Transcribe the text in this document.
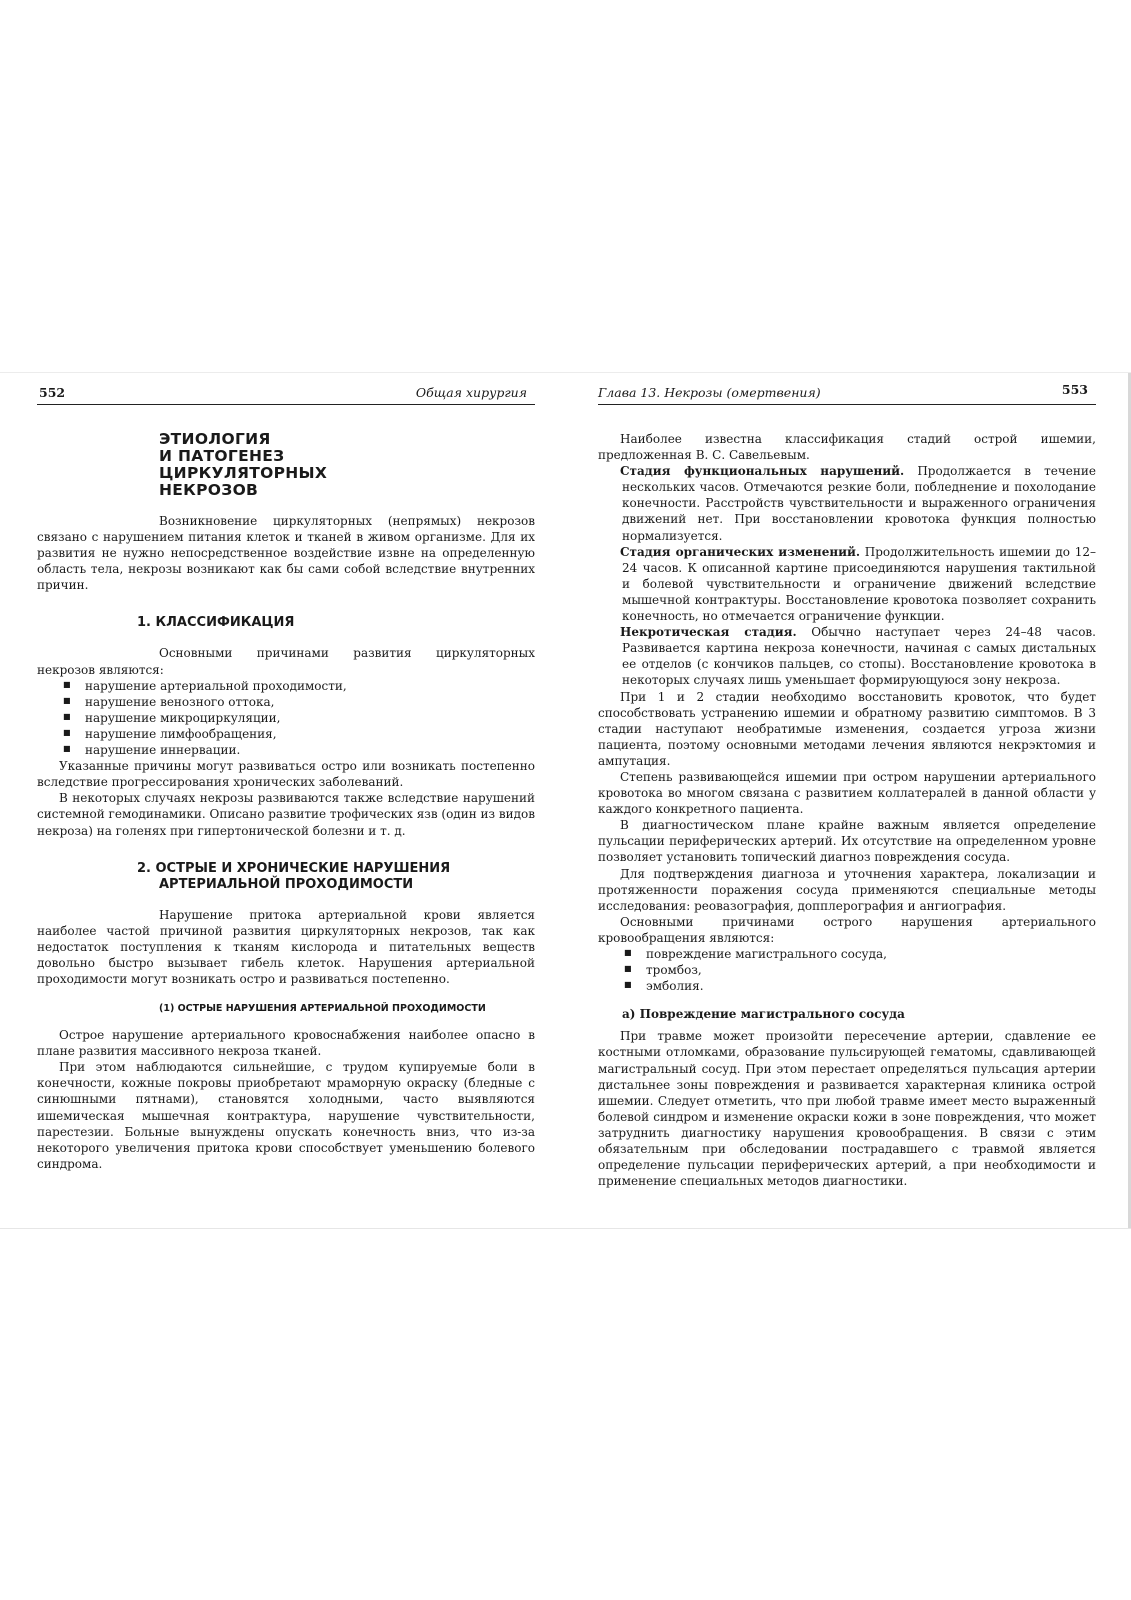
552	Общая хирургия
ЭТИОЛОГИЯ
И ПАТОГЕНЕЗ
ЦИРКУЛЯТОРНЫХ
НЕКРОЗОВ

Возникновение циркуляторных (непрямых) некрозов связано с нарушением питания клеток и тканей в живом организме. Для их развития не нужно непосредственное воздействие извне на определенную область тела, некрозы возникают как бы сами собой вследствие внутренних причин.

1. КЛАССИФИКАЦИЯ

Основными причинами развития циркуляторных некрозов являются:

■ нарушение артериальной проходимости,
■ нарушение венозного оттока,
■ нарушение микроциркуляции,
■ нарушение лимфообращения,
■ нарушение иннервации.

Указанные причины могут развиваться остро или возникать постепенно вследствие прогрессирования хронических заболеваний.

В некоторых случаях некрозы развиваются также вследствие нарушений системной гемодинамики. Описано развитие трофических язв (один из видов некроза) на голенях при гипертонической болезни и т. д.

2. ОСТРЫЕ И ХРОНИЧЕСКИЕ НАРУШЕНИЯ
АРТЕРИАЛЬНОЙ ПРОХОДИМОСТИ

Нарушение притока артериальной крови является наиболее частой причиной развития циркуляторных некрозов, так как недостаток поступления к тканям кислорода и питательных веществ довольно быстро вызывает гибель клеток. Нарушения артериальной проходимости могут возникать остро и развиваться постепенно.

(1) ОСТРЫЕ НАРУШЕНИЯ АРТЕРИАЛЬНОЙ ПРОХОДИМОСТИ

Острое нарушение артериального кровоснабжения наиболее опасно в плане развития массивного некроза тканей.

При этом наблюдаются сильнейшие, с трудом купируемые боли в конечности, кожные покровы приобретают мраморную окраску (бледные с синюшными пятнами), становятся холодными, часто выявляются ишемическая мышечная контрактура, нарушение чувствительности, парестезии. Больные вынуждены опускать конечность вниз, что из-за некоторого увеличения притока крови способствует уменьшению болевого синдрома.

Глава 13. Некрозы (омертвения)	553

Наиболее известна классификация стадий острой ишемии, предложенная В. С. Савельевым.

Стадия функциональных нарушений. Продолжается в течение нескольких часов. Отмечаются резкие боли, побледнение и похолодание конечности. Расстройств чувствительности и выраженного ограничения движений нет. При восстановлении кровотока функция полностью нормализуется.

Стадия органических изменений. Продолжительность ишемии до 12–24 часов. К описанной картине присоединяются нарушения тактильной и болевой чувствительности и ограничение движений вследствие мышечной контрактуры. Восстановление кровотока позволяет сохранить конечность, но отмечается ограничение функции.

Некротическая стадия. Обычно наступает через 24–48 часов. Развивается картина некроза конечности, начиная с самых дистальных ее отделов (с кончиков пальцев, со стопы). Восстановление кровотока в некоторых случаях лишь уменьшает формирующуюся зону некроза.

При 1 и 2 стадии необходимо восстановить кровоток, что будет способствовать устранению ишемии и обратному развитию симптомов. В 3 стадии наступают необратимые изменения, создается угроза жизни пациента, поэтому основными методами лечения являются некрэктомия и ампутация.

Степень развивающейся ишемии при остром нарушении артериального кровотока во многом связана с развитием коллатералей в данной области у каждого конкретного пациента.

В диагностическом плане крайне важным является определение пульсации периферических артерий. Их отсутствие на определенном уровне позволяет установить топический диагноз повреждения сосуда.

Для подтверждения диагноза и уточнения характера, локализации и протяженности поражения сосуда применяются специальные методы исследования: реовазография, допплерография и ангиография.

Основными причинами острого нарушения артериального кровообращения являются:

■ повреждение магистрального сосуда,
■ тромбоз,
■ эмболия.
а) Повреждение магистрального сосуда

При травме может произойти пересечение артерии, сдавление ее костными отломками, образование пульсирующей гематомы, сдавливающей магистральный сосуд. При этом перестает определяться пульсация артерии дистальнее зоны повреждения и развивается характерная клиника острой ишемии. Следует отметить, что при любой травме имеет место выраженный болевой синдром и изменение окраски кожи в зоне повреждения, что может затруднить диагностику нарушения кровообращения. В связи с этим обязательным при обследовании пострадавшего с травмой является определение пульсации периферических артерий, а при необходимости и применение специальных методов диагностики.
